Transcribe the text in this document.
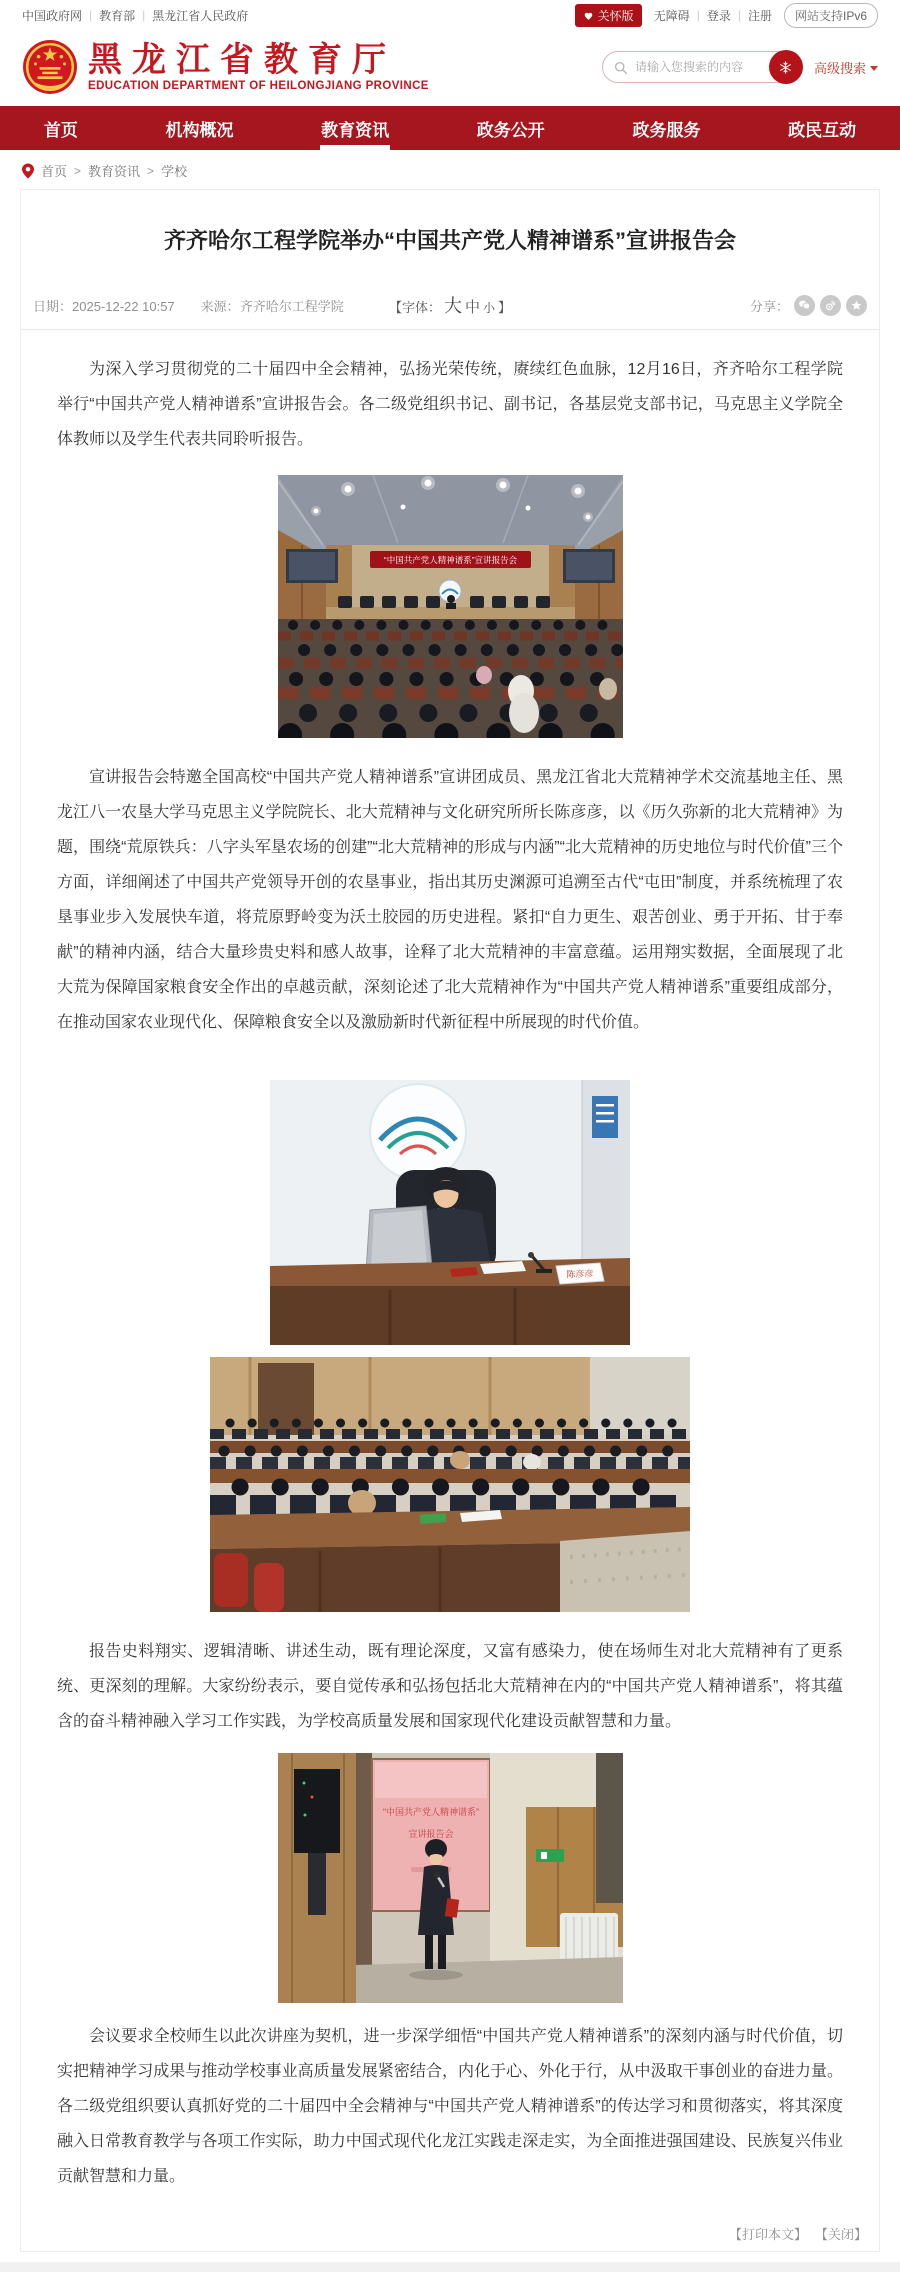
中国政府网 | 教育部 | 黑龙江省人民政府	关怀版 无障碍 | 登录 | 注册	网站支持IPv6
黑龙江省教育厅
EDUCATION DEPARTMENT OF HEILONGJIANG PROVINCE
请输入您搜索的内容
高级搜索
首页	机构概况	教育资讯	政务公开	政务服务	政民互动
首页 > 教育资讯 > 学校
齐齐哈尔工程学院举办“中国共产党人精神谱系”宣讲报告会
日期：2025-12-22 10:57 来源：齐齐哈尔工程学院	【字体： 大 中 小 】	分享：

为深入学习贯彻党的二十届四中全会精神，弘扬光荣传统，赓续红色血脉，12月16日，齐齐哈尔工程学院举行“中国共产党人精神谱系”宣讲报告会。各二级党组织书记、副书记，各基层党支部书记，马克思主义学院全体教师以及学生代表共同聆听报告。

“中国共产党人精神谱系”宣讲报告会

宣讲报告会特邀全国高校“中国共产党人精神谱系”宣讲团成员、黑龙江省北大荒精神学术交流基地主任、黑龙江八一农垦大学马克思主义学院院长、北大荒精神与文化研究所所长陈彦彦，以《历久弥新的北大荒精神》为题，围绕“荒原铁兵：八字头军垦农场的创建”“北大荒精神的形成与内涵”“北大荒精神的历史地位与时代价值”三个方面，详细阐述了中国共产党领导开创的农垦事业，指出其历史渊源可追溯至古代“屯田”制度，并系统梳理了农垦事业步入发展快车道，将荒原野岭变为沃土胶园的历史进程。紧扣“自力更生、艰苦创业、勇于开拓、甘于奉献”的精神内涵，结合大量珍贵史料和感人故事，诠释了北大荒精神的丰富意蕴。运用翔实数据，全面展现了北大荒为保障国家粮食安全作出的卓越贡献，深刻论述了北大荒精神作为“中国共产党人精神谱系”重要组成部分，在推动国家农业现代化、保障粮食安全以及激励新时代新征程中所展现的时代价值。

陈彦彦

报告史料翔实、逻辑清晰、讲述生动，既有理论深度，又富有感染力，使在场师生对北大荒精神有了更系统、更深刻的理解。大家纷纷表示，要自觉传承和弘扬包括北大荒精神在内的“中国共产党人精神谱系”，将其蕴含的奋斗精神融入学习工作实践，为学校高质量发展和国家现代化建设贡献智慧和力量。

“中国共产党人精神谱系”
宣讲报告会

会议要求全校师生以此次讲座为契机，进一步深学细悟“中国共产党人精神谱系”的深刻内涵与时代价值，切实把精神学习成果与推动学校事业高质量发展紧密结合，内化于心、外化于行，从中汲取干事创业的奋进力量。各二级党组织要认真抓好党的二十届四中全会精神与“中国共产党人精神谱系”的传达学习和贯彻落实，将其深度融入日常教育教学与各项工作实际，助力中国式现代化龙江实践走深走实，为全面推进强国建设、民族复兴伟业贡献智慧和力量。

【打印本文】 【关闭】
